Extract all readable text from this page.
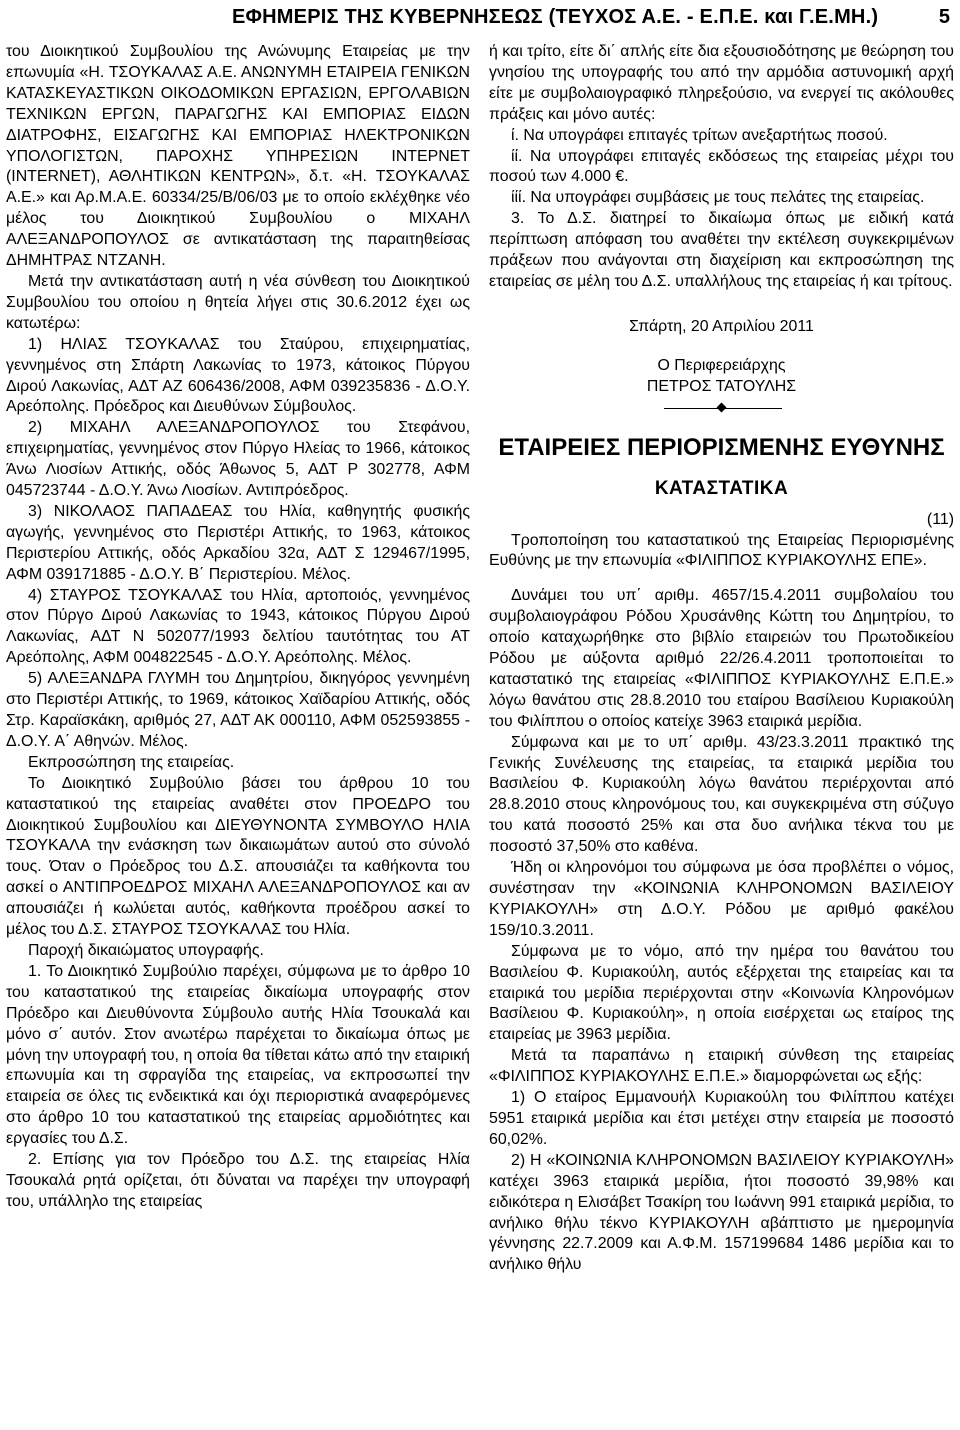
ΕΦΗΜΕΡΙΣ ΤΗΣ ΚΥΒΕΡΝΗΣΕΩΣ (ΤΕΥΧΟΣ Α.Ε. - Ε.Π.Ε. και Γ.Ε.ΜΗ.)	5

του Διοικητικού Συμβουλίου της Ανώνυμης Εταιρείας με την επωνυμία «Η. ΤΣΟΥΚΑΛΑΣ Α.Ε. ΑΝΩΝΥΜΗ ΕΤΑΙΡΕΙΑ ΓΕΝΙΚΩΝ ΚΑΤΑΣΚΕΥΑΣΤΙΚΩΝ ΟΙΚΟΔΟΜΙΚΩΝ ΕΡΓΑΣΙΩΝ, ΕΡΓΟΛΑΒΙΩΝ ΤΕΧΝΙΚΩΝ ΕΡΓΩΝ, ΠΑΡΑΓΩΓΗΣ ΚΑΙ ΕΜΠΟΡΙΑΣ ΕΙΔΩΝ ΔΙΑΤΡΟΦΗΣ, ΕΙΣΑΓΩΓΗΣ ΚΑΙ ΕΜΠΟΡΙΑΣ ΗΛΕΚΤΡΟΝΙΚΩΝ ΥΠΟΛΟΓΙΣΤΩΝ, ΠΑΡΟΧΗΣ ΥΠΗΡΕΣΙΩΝ ΙΝΤΕΡΝΕΤ (INTERNET), ΑΘΛΗΤΙΚΩΝ ΚΕΝΤΡΩΝ», δ.τ. «Η. ΤΣΟΥΚΑΛΑΣ Α.Ε.» και Αρ.Μ.Α.Ε. 60334/25/Β/06/03 με το οποίο εκλέχθηκε νέο μέλος του Διοικητικού Συμβουλίου ο ΜΙΧΑΗΛ ΑΛΕΞΑΝΔΡΟΠΟΥΛΟΣ σε αντικατάσταση της παραιτηθείσας ΔΗΜΗΤΡΑΣ ΝΤΖΑΝΗ.

Μετά την αντικατάσταση αυτή η νέα σύνθεση του Διοικητικού Συμβουλίου του οποίου η θητεία λήγει στις 30.6.2012 έχει ως κατωτέρω:

1) ΗΛΙΑΣ ΤΣΟΥΚΑΛΑΣ του Σταύρου, επιχειρηματίας, γεννημένος στη Σπάρτη Λακωνίας το 1973, κάτοικος Πύργου Διρού Λακωνίας, ΑΔΤ ΑΖ 606436/2008, ΑΦΜ 039235836 - Δ.Ο.Υ. Αρεόπολης. Πρόεδρος και Διευθύνων Σύμβουλος.

2) ΜΙΧΑΗΛ ΑΛΕΞΑΝΔΡΟΠΟΥΛΟΣ του Στεφάνου, επιχειρηματίας, γεννημένος στον Πύργο Ηλείας το 1966, κάτοικος Άνω Λιοσίων Αττικής, οδός Άθωνος 5, ΑΔΤ Ρ 302778, ΑΦΜ 045723744 - Δ.Ο.Υ. Άνω Λιοσίων. Αντιπρόεδρος.

3) ΝΙΚΟΛΑΟΣ ΠΑΠΑΔΕΑΣ του Ηλία, καθηγητής φυσικής αγωγής, γεννημένος στο Περιστέρι Αττικής, το 1963, κάτοικος Περιστερίου Αττικής, οδός Αρκαδίου 32α, ΑΔΤ Σ 129467/1995, ΑΦΜ 039171885 - Δ.Ο.Υ. Β΄ Περιστερίου. Μέλος.

4) ΣΤΑΥΡΟΣ ΤΣΟΥΚΑΛΑΣ του Ηλία, αρτοποιός, γεννημένος στον Πύργο Διρού Λακωνίας το 1943, κάτοικος Πύργου Διρού Λακωνίας, ΑΔΤ Ν 502077/1993 δελτίου ταυτότητας του ΑΤ Αρεόπολης, ΑΦΜ 004822545 - Δ.Ο.Υ. Αρεόπολης. Μέλος.

5) ΑΛΕΞΑΝΔΡΑ ΓΛΥΜΗ του Δημητρίου, δικηγόρος γεννημένη στο Περιστέρι Αττικής, το 1969, κάτοικος Χαϊδαρίου Αττικής, οδός Στρ. Καραϊσκάκη, αριθμός 27, ΑΔΤ ΑΚ 000110, ΑΦΜ 052593855 - Δ.Ο.Υ. Α΄ Αθηνών. Μέλος.

Εκπροσώπηση της εταιρείας.

Το Διοικητικό Συμβούλιο βάσει του άρθρου 10 του καταστατικού της εταιρείας αναθέτει στον ΠΡΟΕΔΡΟ του Διοικητικού Συμβουλίου και ΔΙΕΥΘΥΝΟΝΤΑ ΣΥΜΒΟΥΛΟ ΗΛΙΑ ΤΣΟΥΚΑΛΑ την ενάσκηση των δικαιωμάτων αυτού στο σύνολό τους. Όταν ο Πρόεδρος του Δ.Σ. απουσιάζει τα καθήκοντα του ασκεί ο ΑΝΤΙΠΡΟΕΔΡΟΣ ΜΙΧΑΗΛ ΑΛΕΞΑΝΔΡΟΠΟΥΛΟΣ και αν απουσιάζει ή κωλύεται αυτός, καθήκοντα προέδρου ασκεί το μέλος του Δ.Σ. ΣΤΑΥΡΟΣ ΤΣΟΥΚΑΛΑΣ του Ηλία.

Παροχή δικαιώματος υπογραφής.

1. Το Διοικητικό Συμβούλιο παρέχει, σύμφωνα με το άρθρο 10 του καταστατικού της εταιρείας δικαίωμα υπογραφής στον Πρόεδρο και Διευθύνοντα Σύμβουλο αυτής Ηλία Τσουκαλά και μόνο σ΄ αυτόν. Στον ανωτέρω παρέχεται το δικαίωμα όπως με μόνη την υπογραφή του, η οποία θα τίθεται κάτω από την εταιρική επωνυμία και τη σφραγίδα της εταιρείας, να εκπροσωπεί την εταιρεία σε όλες τις ενδεικτικά και όχι περιοριστικά αναφερόμενες στο άρθρο 10 του καταστατικού της εταιρείας αρμοδιότητες και εργασίες του Δ.Σ.

2. Επίσης για τον Πρόεδρο του Δ.Σ. της εταιρείας Ηλία Τσουκαλά ρητά ορίζεται, ότι δύναται να παρέχει την υπογραφή του, υπάλληλο της εταιρείας

ή και τρίτο, είτε δι΄ απλής είτε δια εξουσιοδότησης με θεώρηση του γνησίου της υπογραφής του από την αρμόδια αστυνομική αρχή είτε με συμβολαιογραφικό πληρεξούσιο, να ενεργεί τις ακόλουθες πράξεις και μόνο αυτές:

ί. Να υπογράφει επιταγές τρίτων ανεξαρτήτως ποσού.

ίί. Να υπογράφει επιταγές εκδόσεως της εταιρείας μέχρι του ποσού των 4.000 €.

ίίί. Να υπογράφει συμβάσεις με τους πελάτες της εταιρείας.

3. Το Δ.Σ. διατηρεί το δικαίωμα όπως με ειδική κατά περίπτωση απόφαση του αναθέτει την εκτέλεση συγκεκριμένων πράξεων που ανάγονται στη διαχείριση και εκπροσώπηση της εταιρείας σε μέλη του Δ.Σ. υπαλλήλους της εταιρείας ή και τρίτους.

Σπάρτη, 20 Απριλίου 2011

Ο Περιφερειάρχης

ΠΕΤΡΟΣ ΤΑΤΟΥΛΗΣ

ΕΤΑΙΡΕΙΕΣ ΠΕΡΙΟΡΙΣΜΕΝΗΣ ΕΥΘΥΝΗΣ

ΚΑΤΑΣΤΑΤΙΚΑ

(11)

Τροποποίηση του καταστατικού της Εταιρείας Περιορισμένης Ευθύνης με την επωνυμία «ΦΙΛΙΠΠΟΣ ΚΥΡΙΑΚΟΥΛΗΣ ΕΠΕ».

Δυνάμει του υπ΄ αριθμ. 4657/15.4.2011 συμβολαίου του συμβολαιογράφου Ρόδου Χρυσάνθης Κώττη του Δημητρίου, το οποίο καταχωρήθηκε στο βιβλίο εταιρειών του Πρωτοδικείου Ρόδου με αύξοντα αριθμό 22/26.4.2011 τροποποιείται το καταστατικό της εταιρείας «ΦΙΛΙΠΠΟΣ ΚΥΡΙΑΚΟΥΛΗΣ Ε.Π.Ε.» λόγω θανάτου στις 28.8.2010 του εταίρου Βασίλειου Κυριακούλη του Φιλίππου ο οποίος κατείχε 3963 εταιρικά μερίδια.

Σύμφωνα και με το υπ΄ αριθμ. 43/23.3.2011 πρακτικό της Γενικής Συνέλευσης της εταιρείας, τα εταιρικά μερίδια του Βασιλείου Φ. Κυριακούλη λόγω θανάτου περιέρχονται από 28.8.2010 στους κληρονόμους του, και συγκεκριμένα στη σύζυγο του κατά ποσοστό 25% και στα δυο ανήλικα τέκνα του με ποσοστό 37,50% στο καθένα.

Ήδη οι κληρονόμοι του σύμφωνα με όσα προβλέπει ο νόμος, συνέστησαν την «ΚΟΙΝΩΝΙΑ ΚΛΗΡΟΝΟΜΩΝ ΒΑΣΙΛΕΙΟΥ ΚΥΡΙΑΚΟΥΛΗ» στη Δ.Ο.Υ. Ρόδου με αριθμό φακέλου 159/10.3.2011.

Σύμφωνα με το νόμο, από την ημέρα του θανάτου του Βασιλείου Φ. Κυριακούλη, αυτός εξέρχεται της εταιρείας και τα εταιρικά του μερίδια περιέρχονται στην «Κοινωνία Κληρονόμων Βασίλειου Φ. Κυριακούλη», η οποία εισέρχεται ως εταίρος της εταιρείας με 3963 μερίδια.

Μετά τα παραπάνω η εταιρική σύνθεση της εταιρείας «ΦΙΛΙΠΠΟΣ ΚΥΡΙΑΚΟΥΛΗΣ Ε.Π.Ε.» διαμορφώνεται ως εξής:

1) Ο εταίρος Εμμανουήλ Κυριακούλη του Φιλίππου κατέχει 5951 εταιρικά μερίδια και έτσι μετέχει στην εταιρεία με ποσοστό 60,02%.

2) Η «ΚΟΙΝΩΝΙΑ ΚΛΗΡΟΝΟΜΩΝ ΒΑΣΙΛΕΙΟΥ ΚΥΡΙΑΚΟΥΛΗ» κατέχει 3963 εταιρικά μερίδια, ήτοι ποσοστό 39,98% και ειδικότερα η Ελισάβετ Τσακίρη του Ιωάννη 991 εταιρικά μερίδια, το ανήλικο θήλυ τέκνο ΚΥΡΙΑΚΟΥΛΗ αβάπτιστο με ημερομηνία γέννησης 22.7.2009 και Α.Φ.Μ. 157199684 1486 μερίδια και το ανήλικο θήλυ
